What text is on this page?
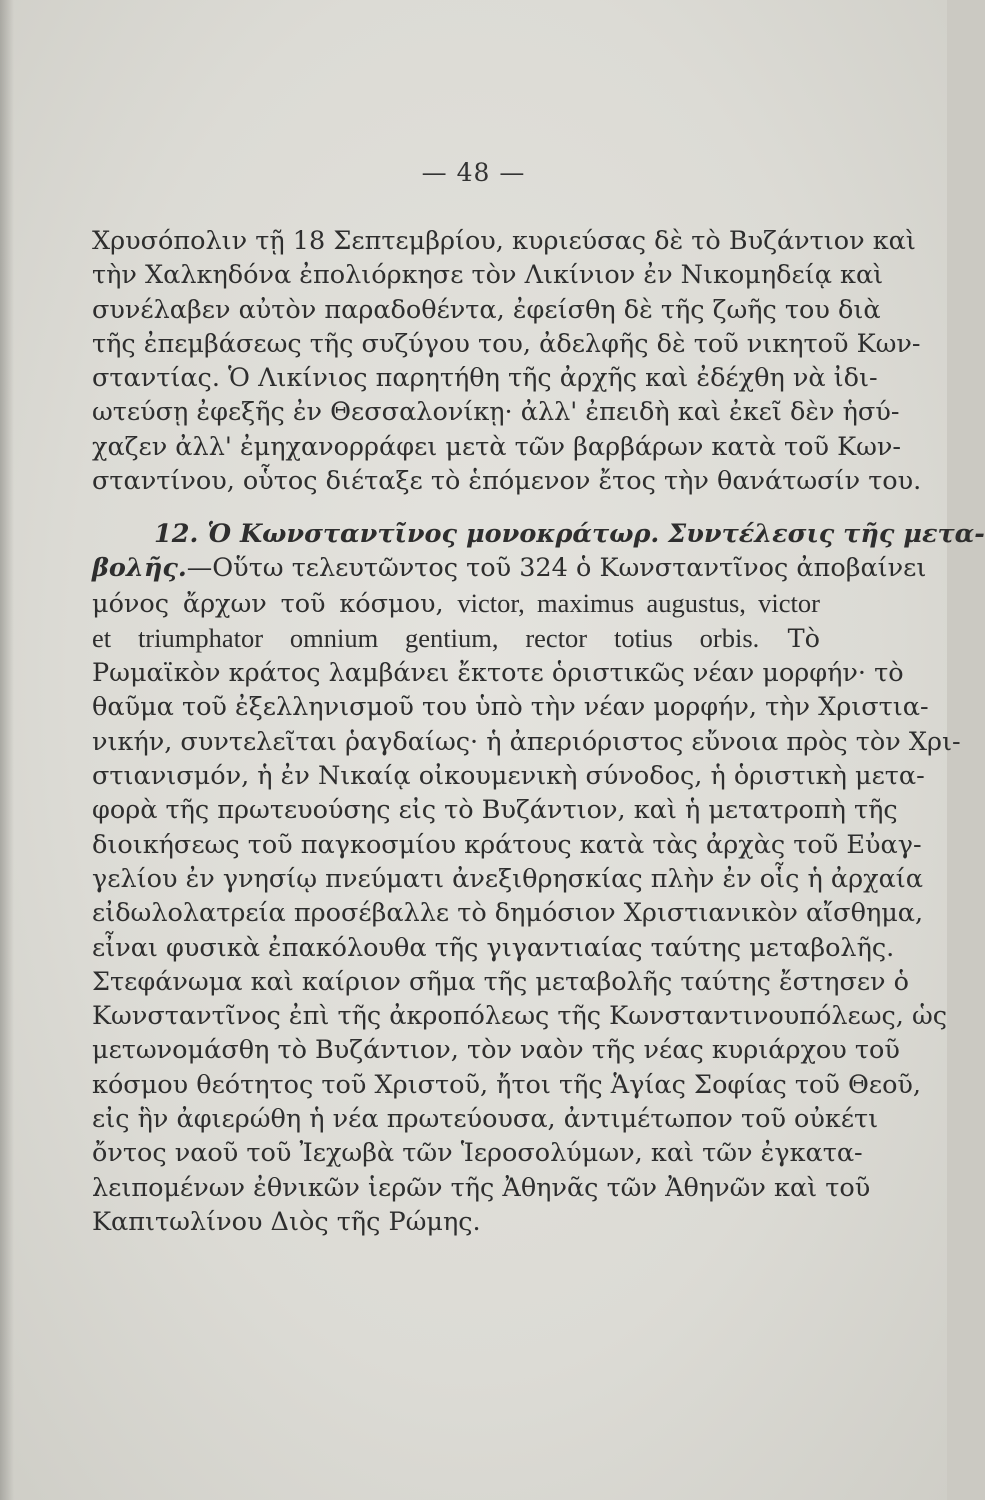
— 48 —
Χρυσόπολιν τῇ 18 Σεπτεμβρίου, κυριεύσας δὲ τὸ Βυζάντιον καὶ
τὴν Χαλκηδόνα ἐπολιόρκησε τὸν Λικίνιον ἐν Νικομηδείᾳ καὶ
συνέλαβεν αὐτὸν παραδοθέντα, ἐφείσθη δὲ τῆς ζωῆς του διὰ
τῆς ἐπεμβάσεως τῆς συζύγου του, ἀδελφῆς δὲ τοῦ νικητοῦ Κων-
σταντίας. Ὁ Λικίνιος παρητήθη τῆς ἀρχῆς καὶ ἐδέχθη νὰ ἰδι-
ωτεύσῃ ἐφεξῆς ἐν Θεσσαλονίκῃ· ἀλλ' ἐπειδὴ καὶ ἐκεῖ δὲν ἡσύ-
χαζεν ἀλλ' ἐμηχανορράφει μετὰ τῶν βαρβάρων κατὰ τοῦ Κων-
σταντίνου, οὗτος διέταξε τὸ ἑπόμενον ἔτος τὴν θανάτωσίν του.
12. Ὁ Κωνσταντῖνος μονοκράτωρ. Συντέλεσις τῆς μετα-
βολῆς.—Οὕτω τελευτῶντος τοῦ 324 ὁ Κωνσταντῖνος ἀποβαίνει
μόνος ἄρχων τοῦ κόσμου, victor, maximus augustus, victor
et triumphator omnium gentium, rector totius orbis. Τὸ
Ρωμαϊκὸν κράτος λαμβάνει ἔκτοτε ὁριστικῶς νέαν μορφήν· τὸ
θαῦμα τοῦ ἐξελληνισμοῦ του ὑπὸ τὴν νέαν μορφήν, τὴν Χριστια-
νικήν, συντελεῖται ῥαγδαίως· ἡ ἀπεριόριστος εὔνοια πρὸς τὸν Χρι-
στιανισμόν, ἡ ἐν Νικαίᾳ οἰκουμενικὴ σύνοδος, ἡ ὁριστικὴ μετα-
φορὰ τῆς πρωτευούσης εἰς τὸ Βυζάντιον, καὶ ἡ μετατροπὴ τῆς
διοικήσεως τοῦ παγκοσμίου κράτους κατὰ τὰς ἀρχὰς τοῦ Εὐαγ-
γελίου ἐν γνησίῳ πνεύματι ἀνεξιθρησκίας πλὴν ἐν οἷς ἡ ἀρχαία
εἰδωλολατρεία προσέβαλλε τὸ δημόσιον Χριστιανικὸν αἴσθημα,
εἶναι φυσικὰ ἐπακόλουθα τῆς γιγαντιαίας ταύτης μεταβολῆς.
Στεφάνωμα καὶ καίριον σῆμα τῆς μεταβολῆς ταύτης ἔστησεν ὁ
Κωνσταντῖνος ἐπὶ τῆς ἀκροπόλεως τῆς Κωνσταντινουπόλεως, ὡς
μετωνομάσθη τὸ Βυζάντιον, τὸν ναὸν τῆς νέας κυριάρχου τοῦ
κόσμου θεότητος τοῦ Χριστοῦ, ἤτοι τῆς Ἁγίας Σοφίας τοῦ Θεοῦ,
εἰς ἣν ἀφιερώθη ἡ νέα πρωτεύουσα, ἀντιμέτωπον τοῦ οὐκέτι
ὄντος ναοῦ τοῦ Ἰεχωβὰ τῶν Ἱεροσολύμων, καὶ τῶν ἐγκατα-
λειπομένων ἐθνικῶν ἱερῶν τῆς Ἀθηνᾶς τῶν Ἀθηνῶν καὶ τοῦ
Καπιτωλίνου Διὸς τῆς Ρώμης.
